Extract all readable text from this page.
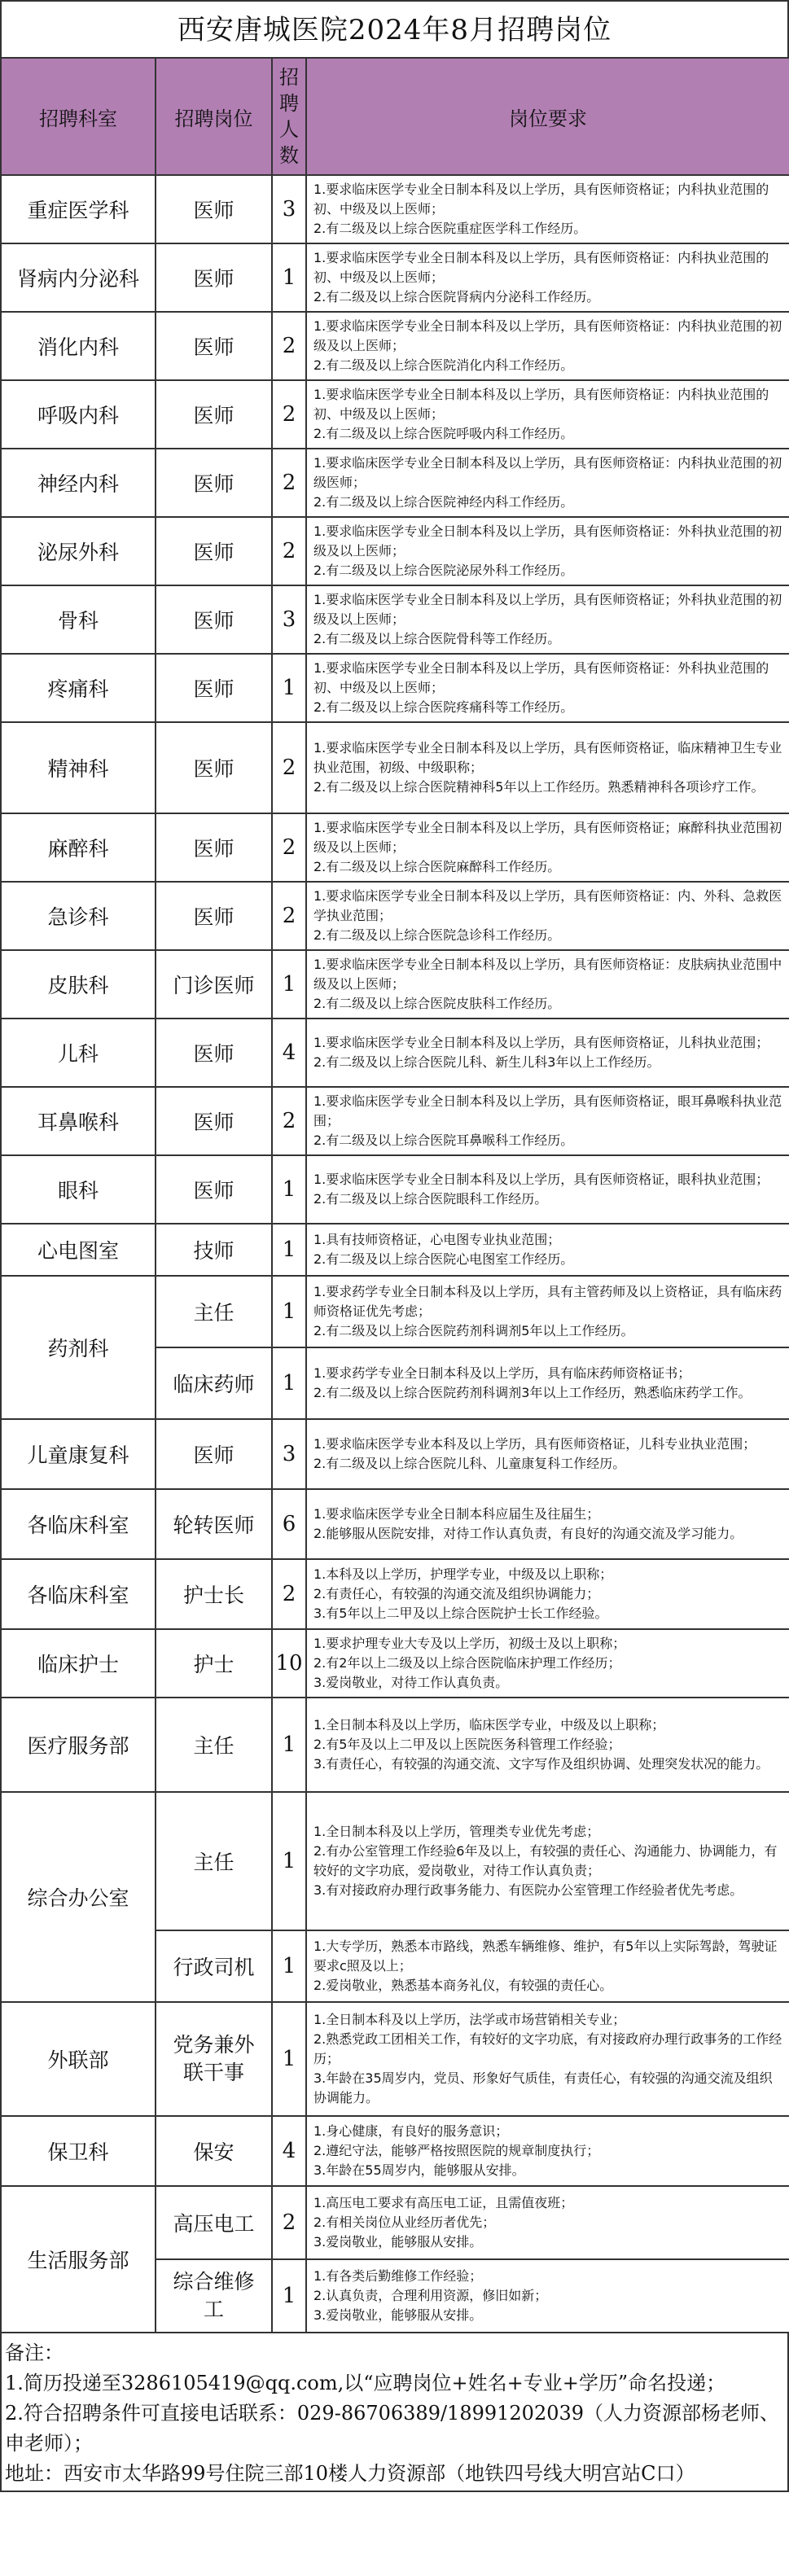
西安唐城医院2024年8月招聘岗位
招聘科室	招聘岗位	招聘人数	岗位要求
重症医学科	医师	3	1.要求临床医学专业全日制本科及以上学历，具有医师资格证；内科执业范围的初、中级及以上医师；
2.有二级及以上综合医院重症医学科工作经历。

肾病内分泌科	医师	1	1.要求临床医学专业全日制本科及以上学历，具有医师资格证：内科执业范围的初、中级及以上医师；
2.有二级及以上综合医院肾病内分泌科工作经历。

消化内科	医师	2	1.要求临床医学专业全日制本科及以上学历，具有医师资格证：内科执业范围的初级及以上医师；
2.有二级及以上综合医院消化内科工作经历。

呼吸内科	医师	2	1.要求临床医学专业全日制本科及以上学历，具有医师资格证：内科执业范围的初、中级及以上医师；
2.有二级及以上综合医院呼吸内科工作经历。

神经内科	医师	2	1.要求临床医学专业全日制本科及以上学历，具有医师资格证：内科执业范围的初级医师；
2.有二级及以上综合医院神经内科工作经历。

泌尿外科	医师	2	1.要求临床医学专业全日制本科及以上学历，具有医师资格证：外科执业范围的初级及以上医师；
2.有二级及以上综合医院泌尿外科工作经历。

骨科	医师	3	1.要求临床医学专业全日制本科及以上学历，具有医师资格证；外科执业范围的初级及以上医师；
2.有二级及以上综合医院骨科等工作经历。

疼痛科	医师	1	1.要求临床医学专业全日制本科及以上学历，具有医师资格证：外科执业范围的初、中级及以上医师；
2.有二级及以上综合医院疼痛科等工作经历。

精神科	医师	2	1.要求临床医学专业全日制本科及以上学历，具有医师资格证，临床精神卫生专业执业范围，初级、中级职称；
2.有二级及以上综合医院精神科5年以上工作经历。熟悉精神科各项诊疗工作。

麻醉科	医师	2	1.要求临床医学专业全日制本科及以上学历，具有医师资格证；麻醉科执业范围初级及以上医师；
2.有二级及以上综合医院麻醉科工作经历。

急诊科	医师	2	1.要求临床医学专业全日制本科及以上学历，具有医师资格证：内、外科、急救医学执业范围；
2.有二级及以上综合医院急诊科工作经历。

皮肤科	门诊医师	1	1.要求临床医学专业全日制本科及以上学历，具有医师资格证：皮肤病执业范围中级及以上医师；
2.有二级及以上综合医院皮肤科工作经历。

儿科	医师	4	1.要求临床医学专业全日制本科及以上学历，具有医师资格证，儿科执业范围；
2.有二级及以上综合医院儿科、新生儿科3年以上工作经历。

耳鼻喉科	医师	2	1.要求临床医学专业全日制本科及以上学历，具有医师资格证，眼耳鼻喉科执业范围；
2.有二级及以上综合医院耳鼻喉科工作经历。

眼科	医师	1	1.要求临床医学专业全日制本科及以上学历，具有医师资格证，眼科执业范围；
2.有二级及以上综合医院眼科工作经历。

心电图室	技师	1	1.具有技师资格证，心电图专业执业范围；
2.有二级及以上综合医院心电图室工作经历。

药剂科	主任	1	1.要求药学专业全日制本科及以上学历，具有主管药师及以上资格证，具有临床药师资格证优先考虑；
2.有二级及以上综合医院药剂科调剂5年以上工作经历。

	临床药师	1	1.要求药学专业全日制本科及以上学历，具有临床药师资格证书；
2.有二级及以上综合医院药剂科调剂3年以上工作经历，熟悉临床药学工作。

儿童康复科	医师	3	1.要求临床医学专业本科及以上学历，具有医师资格证，儿科专业执业范围；
2.有二级及以上综合医院儿科、儿童康复科工作经历。

各临床科室	轮转医师	6	1.要求临床医学专业全日制本科应届生及往届生；
2.能够服从医院安排，对待工作认真负责，有良好的沟通交流及学习能力。

各临床科室	护士长	2	1.本科及以上学历，护理学专业，中级及以上职称；
2.有责任心，有较强的沟通交流及组织协调能力；
3.有5年以上二甲及以上综合医院护士长工作经验。

临床护士	护士	10	1.要求护理专业大专及以上学历，初级士及以上职称；
2.有2年以上二级及以上综合医院临床护理工作经历；
3.爱岗敬业，对待工作认真负责。

医疗服务部	主任	1	1.全日制本科及以上学历，临床医学专业，中级及以上职称；
2.有5年及以上二甲及以上医院医务科管理工作经验；
3.有责任心，有较强的沟通交流、文字写作及组织协调、处理突发状况的能力。

综合办公室	主任	1	1.全日制本科及以上学历，管理类专业优先考虑；
2.有办公室管理工作经验6年及以上，有较强的责任心、沟通能力、协调能力，有较好的文字功底，爱岗敬业，对待工作认真负责；
3.有对接政府办理行政事务能力、有医院办公室管理工作经验者优先考虑。

	行政司机	1	1.大专学历，熟悉本市路线，熟悉车辆维修、维护，有5年以上实际驾龄，驾驶证要求c照及以上；
2.爱岗敬业，熟悉基本商务礼仪，有较强的责任心。

外联部	党务兼外联干事	1	1.全日制本科及以上学历，法学或市场营销相关专业；
2.熟悉党政工团相关工作，有较好的文字功底，有对接政府办理行政事务的工作经历；
3.年龄在35周岁内，党员、形象好气质佳，有责任心，有较强的沟通交流及组织协调能力。

保卫科	保安	4	1.身心健康，有良好的服务意识；
2.遵纪守法，能够严格按照医院的规章制度执行；
3.年龄在55周岁内，能够服从安排。

生活服务部	高压电工	2	1.高压电工要求有高压电工证，且需值夜班；
2.有相关岗位从业经历者优先；
3.爱岗敬业，能够服从安排。

	综合维修工	1	1.有各类后勤维修工作经验；
2.认真负责，合理利用资源，修旧如新；
3.爱岗敬业，能够服从安排。
备注：
1.简历投递至3286105419@qq.com,以“应聘岗位+姓名+专业+学历”命名投递；
2.符合招聘条件可直接电话联系：029-86706389/18991202039（人力资源部杨老师、申老师）；
地址：西安市太华路99号住院三部10楼人力资源部（地铁四号线大明宫站C口）
